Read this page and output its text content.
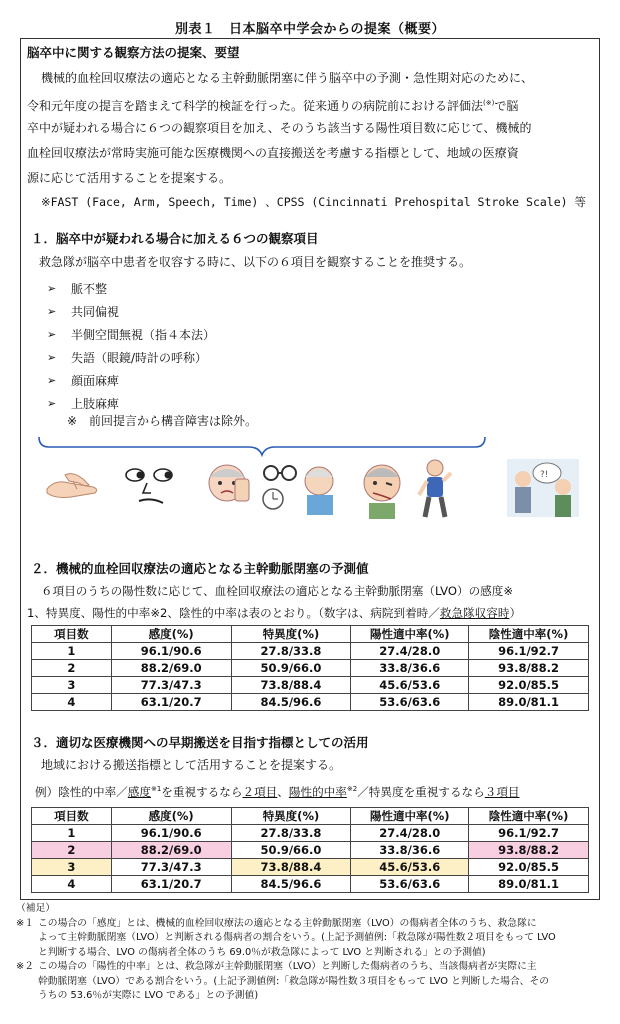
別表１　日本脳卒中学会からの提案（概要）
脳卒中に関する観察方法の提案、要望
機械的血栓回収療法の適応となる主幹動脈閉塞に伴う脳卒中の予測・急性期対応のために、
令和元年度の提言を踏まえて科学的検証を行った。従来通りの病院前における評価法(※)で脳
卒中が疑われる場合に６つの観察項目を加え、そのうち該当する陽性項目数に応じて、機械的
血栓回収療法が常時実施可能な医療機関への直接搬送を考慮する指標として、地域の医療資
源に応じて活用することを提案する。
※FAST (Face, Arm, Speech, Time) 、CPSS (Cincinnati Prehospital Stroke Scale) 等
１．脳卒中が疑われる場合に加える６つの観察項目
救急隊が脳卒中患者を収容する時に、以下の６項目を観察することを推奨する。
➢	脈不整
➢	共同偏視
➢	半側空間無視（指４本法）
➢	失語（眼鏡/時計の呼称）
➢	顔面麻痺
➢	上肢麻痺
※　前回提言から構音障害は除外。
?!
２．機械的血栓回収療法の適応となる主幹動脈閉塞の予測値
６項目のうちの陽性数に応じて、血栓回収療法の適応となる主幹動脈閉塞（LVO）の感度※
1、特異度、陽性的中率※2、陰性的中率は表のとおり。（数字は、病院到着時／救急隊収容時）
項目数	感度(%)	特異度(%)	陽性適中率(%)	陰性適中率(%)
1	96.1/90.6	27.8/33.8	27.4/28.0	96.1/92.7
2	88.2/69.0	50.9/66.0	33.8/36.6	93.8/88.2
3	77.3/47.3	73.8/88.4	45.6/53.6	92.0/85.5
4	63.1/20.7	84.5/96.6	53.6/63.6	89.0/81.1
３．適切な医療機関への早期搬送を目指す指標としての活用
地域における搬送指標として活用することを提案する。
例）陰性的中率／感度$^{※1}$を重視するなら２項目、陽性的中率$^{※2}$／特異度を重視するなら３項目
項目数	感度(%)	特異度(%)	陽性適中率(%)	陰性適中率(%)
1	96.1/90.6	27.8/33.8	27.4/28.0	96.1/92.7
2	88.2/69.0	50.9/66.0	33.8/36.6	93.8/88.2
3	77.3/47.3	73.8/88.4	45.6/53.6	92.0/85.5
4	63.1/20.7	84.5/96.6	53.6/63.6	89.0/81.1
（補足）
※１ この場合の「感度」とは、機械的血栓回収療法の適応となる主幹動脈閉塞（LVO）の傷病者全体のうち、救急隊に
よって主幹動脈閉塞（LVO）と判断される傷病者の割合をいう。(上記予測値例:「救急隊が陽性数２項目をもって LVO
と判断する場合、LVO の傷病者全体のうち 69.0％が救急隊によって LVO と判断される」との予測値)
※２ この場合の「陽性的中率」とは、救急隊が主幹動脈閉塞（LVO）と判断した傷病者のうち、当該傷病者が実際に主
幹動脈閉塞（LVO）である割合をいう。(上記予測値例:「救急隊が陽性数３項目をもって LVO と判断した場合、その
うちの 53.6％が実際に LVO である」との予測値)
